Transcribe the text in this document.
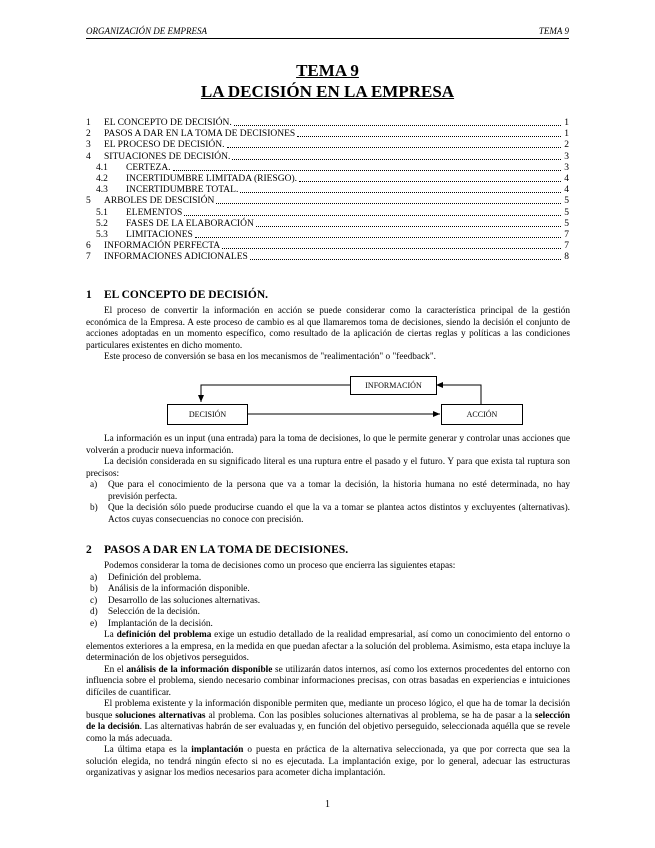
ORGANIZACIÓN DE EMPRESA	TEMA 9
TEMA 9
LA DECISIÓN EN LA EMPRESA
1 EL CONCEPTO DE DECISIÓN.	1
2 PASOS A DAR EN LA TOMA DE DECISIONES	1
3 EL PROCESO DE DECISIÓN.	2
4 SITUACIONES DE DECISIÓN.	3
4.1 CERTEZA.	3
4.2 INCERTIDUMBRE LIMITADA (RIESGO).	4
4.3 INCERTIDUMBRE TOTAL.	4
5 ARBOLES DE DESCISIÓN	5
5.1 ELEMENTOS	5
5.2 FASES DE LA ELABORACIÓN	5
5.3 LIMITACIONES	7
6 INFORMACIÓN PERFECTA	7
7 INFORMACIONES ADICIONALES	8
1 EL CONCEPTO DE DECISIÓN.

El proceso de convertir la información en acción se puede considerar como la característica principal de la gestión económica de la Empresa. A este proceso de cambio es al que llamaremos toma de decisiones, siendo la decisión el conjunto de acciones adoptadas en un momento específico, como resultado de la aplicación de ciertas reglas y políticas a las condiciones particulares existentes en dicho momento.

Este proceso de conversión se basa en los mecanismos de "realimentación" o "feedback".

INFORMACIÓN
DECISIÓN	ACCIÓN

La información es un input (una entrada) para la toma de decisiones, lo que le permite generar y controlar unas acciones que volverán a producir nueva información.

La decisión considerada en su significado literal es una ruptura entre el pasado y el futuro. Y para que exista tal ruptura son precisos:

a) Que para el conocimiento de la persona que va a tomar la decisión, la historia humana no esté determinada, no hay previsión perfecta.
b) Que la decisión sólo puede producirse cuando el que la va a tomar se plantea actos distintos y excluyentes (alternativas). Actos cuyas consecuencias no conoce con precisión.
2 PASOS A DAR EN LA TOMA DE DECISIONES.

Podemos considerar la toma de decisiones como un proceso que encierra las siguientes etapas:

a) Definición del problema.
b) Análisis de la información disponible.
c) Desarrollo de las soluciones alternativas.
d) Selección de la decisión.
e) Implantación de la decisión.

La definición del problema exige un estudio detallado de la realidad empresarial, así como un conocimiento del entorno o elementos exteriores a la empresa, en la medida en que puedan afectar a la solución del problema. Asimismo, esta etapa incluye la determinación de los objetivos perseguidos.

En el análisis de la información disponible se utilizarán datos internos, así como los externos procedentes del entorno con influencia sobre el problema, siendo necesario combinar informaciones precisas, con otras basadas en experiencias e intuiciones difíciles de cuantificar.

El problema existente y la información disponible permiten que, mediante un proceso lógico, el que ha de tomar la decisión busque soluciones alternativas al problema. Con las posibles soluciones alternativas al problema, se ha de pasar a la selección de la decisión. Las alternativas habrán de ser evaluadas y, en función del objetivo perseguido, seleccionada aquélla que se revele como la más adecuada.

La última etapa es la implantación o puesta en práctica de la alternativa seleccionada, ya que por correcta que sea la solución elegida, no tendrá ningún efecto si no es ejecutada. La implantación exige, por lo general, adecuar las estructuras organizativas y asignar los medios necesarios para acometer dicha implantación.

1
